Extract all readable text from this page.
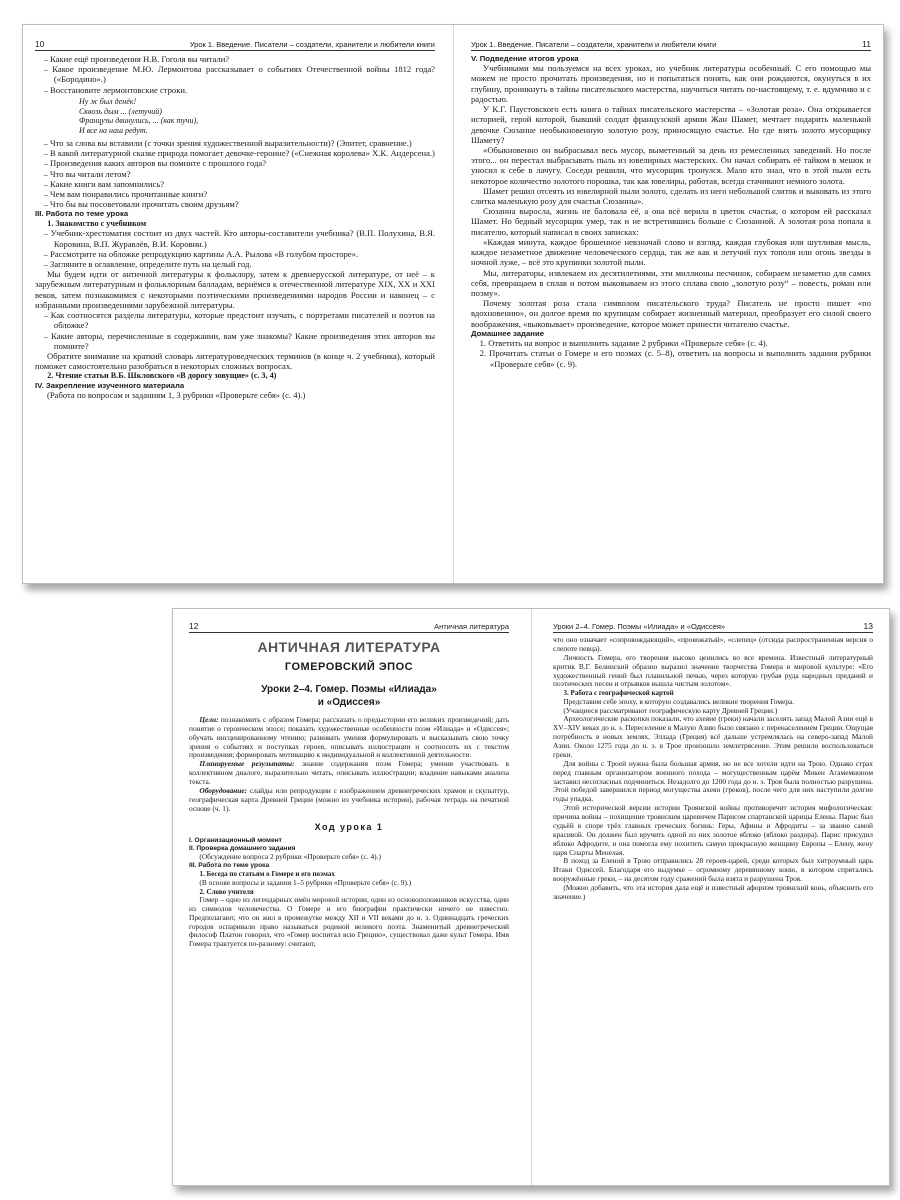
10	Урок 1. Введение. Писатели – создатели, хранители и любители книги

– Какие ещё произведения Н.В. Гоголя вы читали?

– Какое произведение М.Ю. Лермонтова рассказывает о событиях Отечественной войны 1812 года? («Бородино».)

– Восстановите лермонтовские строки.

Ну ж был денёк!
Сквозь дым ... (летучий)
Французы двинулись, ... (как тучи),
И все на наш редут.

– Что за слова вы вставили (с точки зрения художественной выразительности)? (Эпитет, сравнение.)

– В какой литературной сказке природа помогает девочке-героине? («Снежная королева» Х.К. Андерсена.)

– Произведения каких авторов вы помните с прошлого года?

– Что вы читали летом?

– Какие книги вам запомнились?

– Чем вам понравились прочитанные книги?

– Что бы вы посоветовали прочитать своим друзьям?

III. Работа по теме урока

1. Знакомство с учебником

– Учебник-хрестоматия состоит из двух частей. Кто авторы-составители учебника? (В.П. Полухина, В.Я. Коровина, В.П. Журавлёв, В.И. Коровин.)

– Рассмотрите на обложке репродукцию картины А.А. Рылова «В голубом просторе».

– Загляните в оглавление, определите путь на целый год.

Мы будем идти от античной литературы к фольклору, затем к древнерусской литературе, от неё – к зарубежным литературным и фольклорным балладам, вернёмся к отечественной литературе XIX, XX и XXI веков, затем познакомимся с некоторыми поэтическими произведениями народов России и наконец – с избранными произведениями зарубежной литературы.

– Как соотносятся разделы литературы, которые предстоит изучать, с портретами писателей и поэтов на обложке?

– Какие авторы, перечисленные в содержании, вам уже знакомы? Какие произведения этих авторов вы помните?

Обратите внимание на краткий словарь литературоведческих терминов (в конце ч. 2 учебника), который поможет самостоятельно разобраться в некоторых сложных вопросах.

2. Чтение статьи В.Б. Шкловского «В дорогу зовущие» (с. 3, 4)

IV. Закрепление изученного материала

(Работа по вопросам и заданиям 1, 3 рубрики «Проверьте себя» (с. 4).)

Урок 1. Введение. Писатели – создатели, хранители и любители книги	11

V. Подведение итогов урока

Учебниками мы пользуемся на всех уроках, но учебник литературы особенный. С его помощью мы можем не просто прочитать произведения, но и попытаться понять, как они рождаются, окунуться в их глубину, проникнуть в тайны писательского мастерства, научиться читать по-настоящему, т. е. вдумчиво и с радостью.

У К.Г. Паустовского есть книга о тайнах писательского мастерства – «Золотая роза». Она открывается историей, герой которой, бывший солдат французской армии Жан Шамет, мечтает подарить маленькой девочке Сюзанне необыкновенную золотую розу, приносящую счастье. Но где взять золото мусорщику Шамету?

«Обыкновенно он выбрасывал весь мусор, выметенный за день из ремесленных заведений. Но после этого... он перестал выбрасывать пыль из ювелирных мастерских. Он начал собирать её тайком в мешок и уносил к себе в лачугу. Соседи решили, что мусорщик тронулся. Мало кто знал, что в этой пыли есть некоторое количество золотого порошка, так как ювелиры, работая, всегда стачивают немного золота.

Шамет решил отсеять из ювелирной пыли золото, сделать из него небольшой слиток и выковать из этого слитка маленькую розу для счастья Сюзанны».

Сюзанна выросла, жизнь не баловала её, а она всё верила в цветок счастья, о котором ей рассказал Шамет. Но бедный мусорщик умер, так и не встретившись больше с Сюзанной. А золотая роза попала к писателю, который написал в своих записках:

«Каждая минута, каждое брошенное невзначай слово и взгляд, каждая глубокая или шутливая мысль, каждое незаметное движение человеческого сердца, так же как и летучий пух тополя или огонь звезды в ночной луже, – всё это крупинки золотой пыли.

Мы, литераторы, извлекаем их десятилетиями, эти миллионы песчинок, собираем незаметно для самих себя, превращаем в сплав и потом выковываем из этого сплава свою „золотую розу“ – повесть, роман или поэму».

Почему золотая роза стала символом писательского труда? Писатель не просто пишет «по вдохновению», он долгое время по крупицам собирает жизненный материал, преобразует его силой своего воображения, «выковывает» произведение, которое может принести читателю счастье.

Домашнее задание

1. Ответить на вопрос и выполнить задание 2 рубрики «Проверьте себя» (с. 4).

2. Прочитать статьи о Гомере и его поэмах (с. 5–8), ответить на вопросы и выполнить задания рубрики «Проверьте себя» (с. 9).

12	Античная литература
АНТИЧНАЯ ЛИТЕРАТУРА
ГОМЕРОВСКИЙ ЭПОС
Уроки 2–4. Гомер. Поэмы «Илиада»
и «Одиссея»

Цели: познакомить с образом Гомера; рассказать о предыстории его великих произведений; дать понятие о героическом эпосе; показать художественные особенности поэм «Илиада» и «Одиссея»; обучать инсценированному чтению; развивать умения формулировать и высказывать свою точку зрения о событиях и поступках героев, описывать иллюстрации и соотносить их с текстом произведения; формировать мотивацию к индивидуальной и коллективной деятельности.

Планируемые результаты: знание содержания поэм Гомера; умения участвовать в коллективном диалоге, выразительно читать, описывать иллюстрации; владение навыками анализа текста.

Оборудование: слайды или репродукции с изображением древнегреческих храмов и скульптур, географическая карта Древней Греции (можно из учебника истории), рабочая тетрадь на печатной основе (ч. 1).

Ход урока 1

I. Организационный момент

II. Проверка домашнего задания

(Обсуждение вопроса 2 рубрики «Проверьте себя» (с. 4).)

III. Работа по теме урока

1. Беседа по статьям о Гомере и его поэмах

(В основе вопросы и задания 1–5 рубрики «Проверьте себя» (с. 9).)

2. Слово учителя

Гомер – одно из легендарных имён мировой истории, один из основоположников искусства, один из символов человечества. О Гомере и его биографии практически ничего не известно. Предполагают, что он жил в промежутке между XII и VII веками до н. э. Одиннадцать греческих городов оспаривали право называться родиной великого поэта. Знаменитый древнегреческий философ Платон говорил, что «Гомер воспитал всю Грецию», существовал даже культ Гомера. Имя Гомера трактуется по-разному: считают,

Уроки 2–4. Гомер. Поэмы «Илиада» и «Одиссея»	13

что оно означает «сопровождающий», «провожатый», «слепец» (отсюда распространенная версия о слепоте певца).

Личность Гомера, его творения высоко ценились во все времена. Известный литературный критик В.Г. Белинский образно выразил значение творчества Гомера в мировой культуре: «Его художественный гений был плавильной печью, через которую грубая руда народных преданий и поэтических песен и отрывков вышла чистым золотом».

3. Работа с географической картой

Представим себе эпоху, в которую создавались великие творения Гомера.

(Учащиеся рассматривают географическую карту Древней Греции.)

Археологические раскопки показали, что ахеяне (греки) начали заселять запад Малой Азии ещё в XV–XIV веках до н. э. Переселение в Малую Азию было связано с перенаселением Греции. Ощущая потребность в новых землях, Эллада (Греция) всё дальше устремлялась на северо-запад Малой Азии. Около 1275 года до н. э. в Трое произошло землетрясение. Этим решили воспользоваться греки.

Для войны с Троей нужна была большая армия, но не все хотели идти на Трою. Однако страх перед главным организатором военного похода – могущественным царём Микен Агамемноном заставил несогласных подчиниться. Незадолго до 1200 года до н. э. Троя была полностью разрушена. Этой победой завершился период могущества ахеян (греков), после чего для них наступили долгие годы упадка.

Этой исторической версии истории Троянской войны противоречит история мифологическая: причина войны – похищение троянским царевичем Парисом спартанской царицы Елены. Парис был судьёй в споре трёх главных греческих богинь: Геры, Афины и Афродиты – за звание самой красивой. Он должен был вручить одной из них золотое яблоко (яблоко раздора). Парис присудил яблоко Афродите, и она помогла ему похитить самую прекрасную женщину Европы – Елену, жену царя Спарты Менелая.

В поход за Еленой в Трою отправились 28 героев-царей, среди которых был хитроумный царь Итаки Одиссей. Благодаря его выдумке – огромному деревянному коню, в котором спрятались вооружённые греки, – на десятом году сражений была взята и разрушена Троя.

(Можно добавить, что эта история дала ещё и известный афоризм троянский конь, объяснить его значение.)
